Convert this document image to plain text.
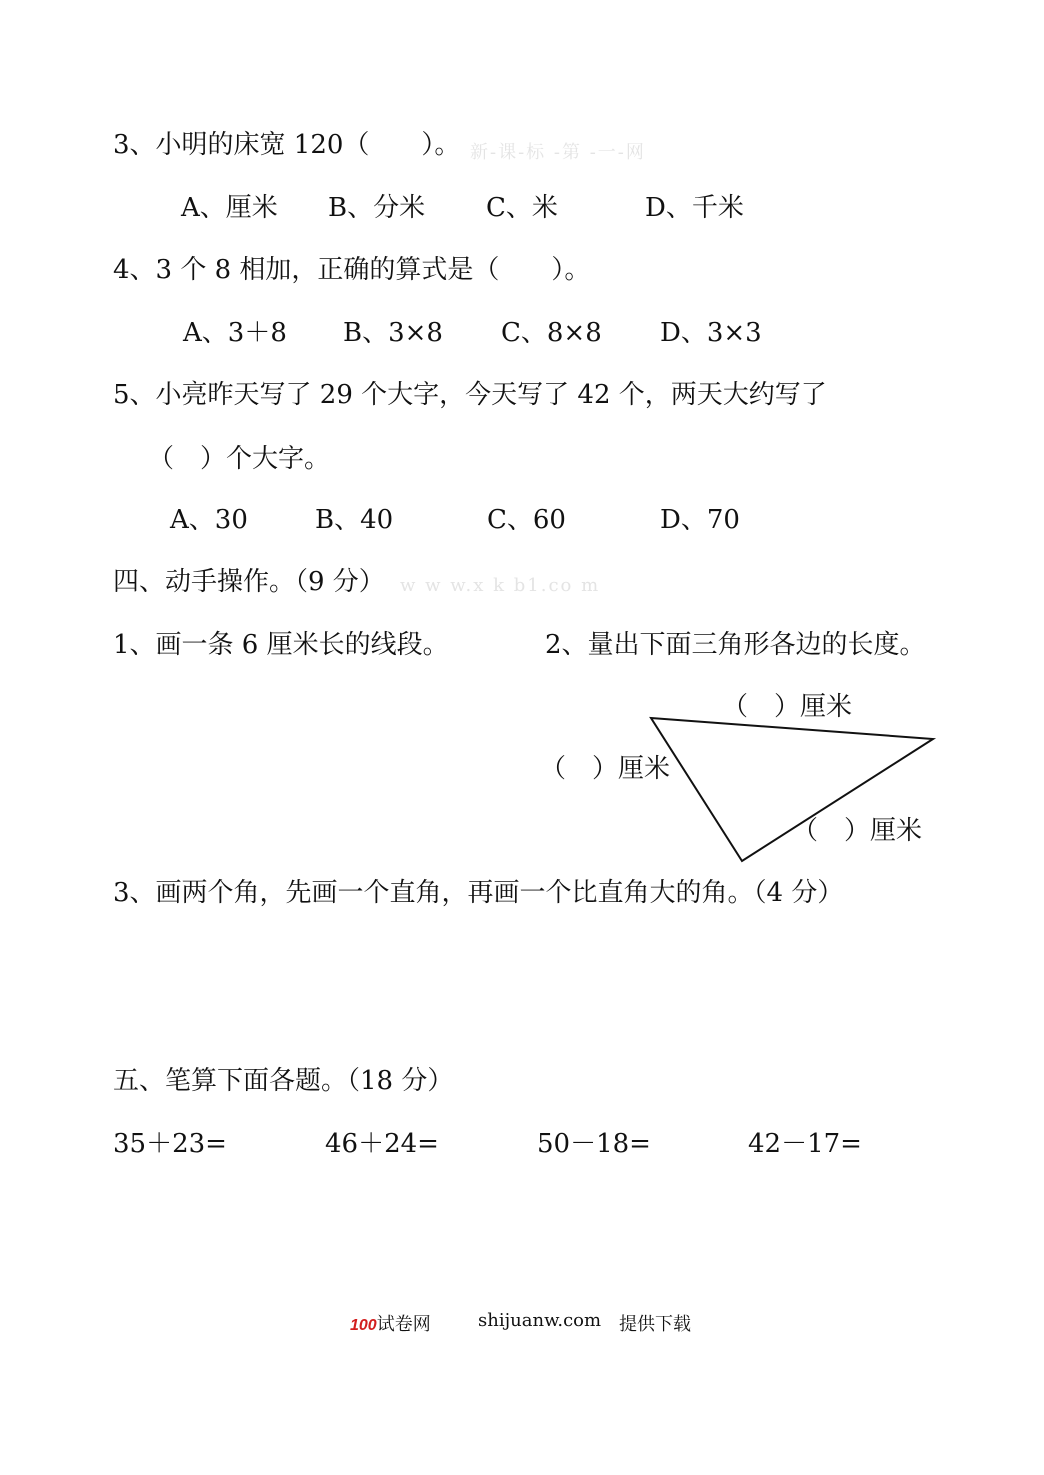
3、小明的床宽 120（　　）。 新-课-标 -第 -一-网
A、厘米 B、分米 C、米	D、千米
4、3 个 8 相加，正确的算式是（　　）。
A、3＋8 B、3×8 C、8×8 D、3×3
5、小亮昨天写了 29 个大字，今天写了 42 个，两天大约写了
（　）个大字。
A、30	B、40	C、60	D、70
四、动手操作。（9 分） w w w.x k b1.co m
1、画一条 6 厘米长的线段。	2、量出下面三角形各边的长度。
（　）厘米
（　）厘米
（　）厘米
3、画两个角，先画一个直角，再画一个比直角大的角。（4 分）
五、笔算下面各题。（18 分）
35＋23=	46＋24=	50－18=	42－17=
100试卷网	shijuanw.com 提供下载
